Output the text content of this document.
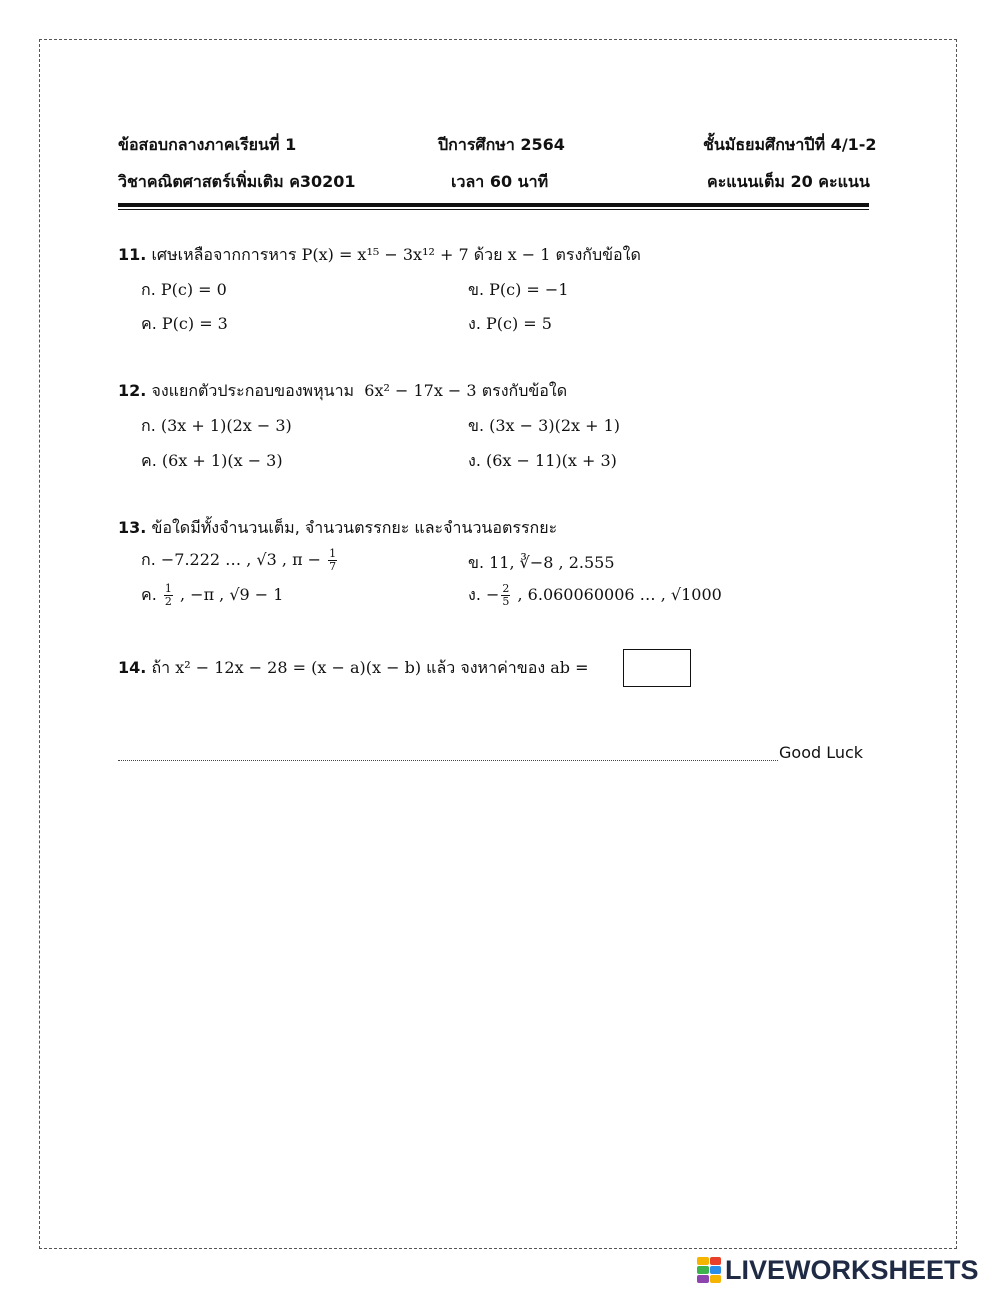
ข้อสอบกลางภาคเรียนที่ 1	ปีการศึกษา 2564	ชั้นมัธยมศึกษาปีที่ 4/1-2
วิชาคณิตศาสตร์เพิ่มเติม ค30201	เวลา 60 นาที	คะแนนเต็ม 20 คะแนน
11. เศษเหลือจากการหาร P(x) = x¹⁵ − 3x¹² + 7 ด้วย x − 1 ตรงกับข้อใด
ก. P(c) = 0	ข. P(c) = −1
ค. P(c) = 3	ง. P(c) = 5
12. จงแยกตัวประกอบของพหุนาม 6x² − 17x − 3 ตรงกับข้อใด
ก. (3x + 1)(2x − 3)	ข. (3x − 3)(2x + 1)
ค. (6x + 1)(x − 3)	ง. (6x − 11)(x + 3)
13. ข้อใดมีทั้งจำนวนเต็ม, จำนวนตรรกยะ และจำนวนอตรรกยะ
ก. −7.222 … , √3 , $\pi - \frac{1}{7}$	ข. 11, ∛−8 , 2.555
ค. $\frac{1}{2}$ , −π , √9 − 1	ง. − $\frac{2}{5}$ , 6.060060006 … , √1000
14. ถ้า x² − 12x − 28 = (x − a)(x − b) แล้ว จงหาค่าของ ab =
Good Luck
LIVEWORKSHEETS
